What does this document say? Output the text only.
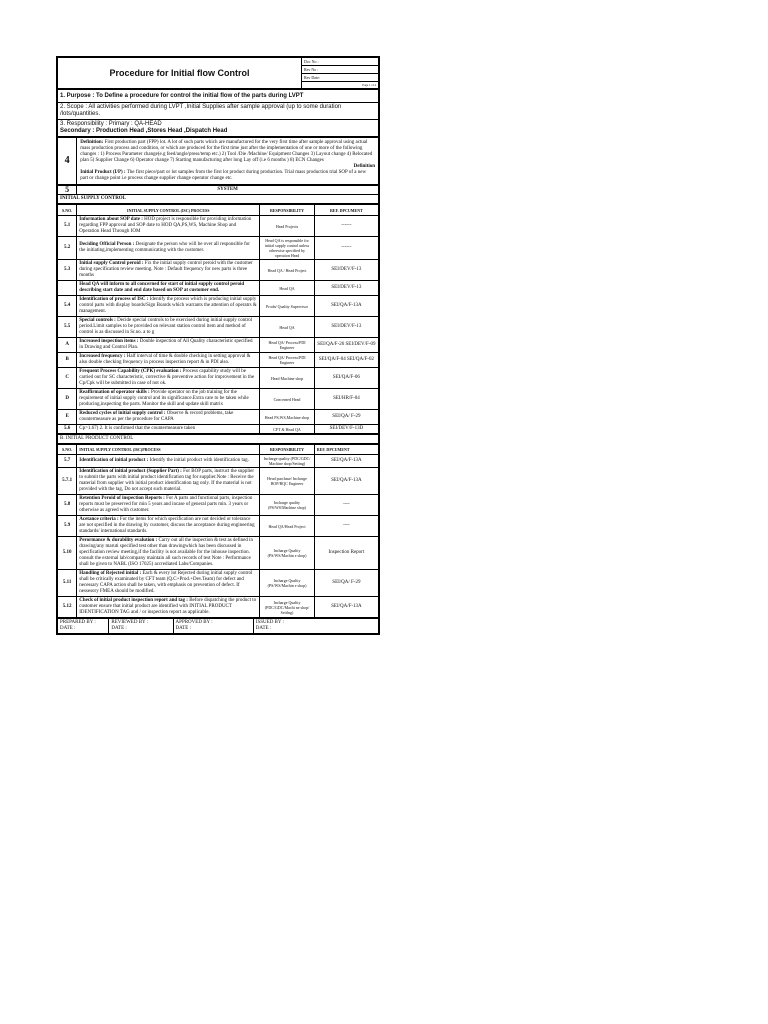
Procedure for Initial flow Control	Doc No :
Rev No :
Rev Date:
Page 1 of 4
1. Purpose : To Define a procedure for control the initial flow of the parts during LVPT
2. Scope : All activities performed during LVPT ,Initial Supplies after sample approval (up to some duration /lots/quantities.

3. Responsibility : Primary : QA-HEAD
Secondary : Production Head ,Stores Head ,Dispatch Head
4	
Definition: First production part (FPP) lot. A lot of such parts which are manufactured for the very first time after sample approval using actual mass production process and condition, or which are produced for the first time just after the implementation of one or more of the following changes : 1) Process Parameter change(e.g feed/angle/press/temp etc.) 2) Tool /Die /Machine/ Equipment Changes 3) Layout change 4) Relocated plan 5) Supplier Change 6) Operator change 7) Starting manufacturing after long Lay off (i.e 6 months ) 8) ECN Changes
Definition
Initial Product (I/P) : The first piece/part or lot samples from the first lot product during production. Trial mass production trial SOP of a new part or change point i.e process change supplier change operator change etc.
5	SYSTEM
INITIAL SUPPLY CONTROL
S.NO.	INITIAL SUPPLY CONTROL (ISC) PROCESS	RESPONSIBILITY	REF. DPCUMENT
5.1	Information about SOP date : HOD project is responsible for providing information regarding FPP approval and SOP date to HOD QA,PS,WS, Machine Shop and Operation Head Through IOM	Head Projects	------
5.2	Deciding Official Person : Designate the person who will be over all responsible for the initiating,implementing communicating with the customer.	Head QA is responsible for initial supply control unless otherwise specified by operation Head	------
5.3	Initial supply Control peroid : Fix the initial supply control peroid with the customer during specification review meeting. Note : Default frequency for new parts is three months	Head QA / Head Project	SEI/DEV/F-13
	Head QA will inform to all concerned for start of initial supply control peroid describing start date and end date based on SOP at customer end.	Head QA	SEI/DEV/F-13
5.4	Identification of process of ISC : Identify the process which is producing initial supply control parts with display boards/Sign Boards which warrants the attention of operatrs & management.	Prodn/ Quality Supervisor	SEI/QA/F-13A
5.5	Special controls : Decide special controls to be exercised during initial supply control period.Limit samples to be provided on relevant station control item and method of control is as discussed in Sr.no. a to g	Head QA	SEI/DEV/F-13
A	Increased inspection items : Double inspection of All Quality characteristic specified in Drawing and Control Plan.	Head QA/ Process/PDI Engineer	SEI/QA/F-26 SEI/DEV/F-09
B	Increased frequency : Half interval of time & double checking in setting approval & also double checking frequency in process inspection report & in PDI also.	Head QA/ Process/PDI Engineer	SEI/QA/F-04 SEI/QA/F-02
C	Frequent Process Capability (CPK) evaluation : Process capability study will be carried out for SC characteristic, corrective & preventive action for improvement in the Cp/Cpk will be submitted in case of not ok.	Head Machine shop	SEI/QA/F-06
D	Reaffirmation of operator skills : Provide operator on the job training for the requirement of initial supply control and its significance.Extra care to be taken while producing,inspecting the parts. Monitor the skill and update skill matrix	Concerned Head	SEI/HR/F-04
E	Reduced cycles of initial supply control : Observe & record problems, take countermeasure as per the procedure for CAPA	Head PS,WS,Machine shop	SEI/QA/ F-29
5.6	Cp>1.67) 2. It is confirmed that the countermeasure taken	CFT & Head QA	SEI/DEV/F-13D
B. INITIAL PRODUCT CONTROL
S.NO.	INITIAL SUPPLY CONTROL (ISC)PROCESS	RESPONSIBILITY	REF. DPCUMENT
5.7	Identification of initial product : Identify the initial product with identification tag.	Incharge quality (PDC/GDC/ Machine shop/Setting)	SEI/QA/F-13A
5.7.1	Identification of initial product (Supplier Part) : For BOP parts, instruct the supplier to submit the parts with initial product identification tag for supplier.Note : Receive the material from supplier with initial product identification tag only. If the material is not provided with the tag, Do not accept such material.	Head purchase/ Incharge BOP/BQC Engineer	SEI/QA/F-13A
5.8	Retention Peroid of inspection Reports : For A parts and functional parts, inspection reports must be preserved for min 5 years and incase of general parts min. 3 years or otherwise as agreed with customer.	Incharge quality (PS/WS/Machine shop)	----
5.9	Acetance criteria : For the items for which specification are not decided or tolerance are not specified in the drawing by customer, discuss the acceptance during engineering standards/ international standards.	Head QA/Head Project	----
5.10	Perormance & durability evalution : Carry out all the inspection & test as defined in drawing/any maruti specified test other than drawingwhich has been discussed in specification review meeting,if the facility is not available for the inhouse inspection. consult the external lab/company maintain all such records of test Note : Performance shall be given to NABL (ISO 17025) accrediated Labs/Companies.	Incharge Quality (PS/WS/Machin e shop)	Inspection Report
5.11	Handling of Rejected initial : Each & every lot Rejected during initial supply control shall be critically examinated by CFT team (Q.C+Prod.+Dev.Team) for defect and necessary CAPA action shall be taken, with emphasis on prevention of defect. If nessesory FMEA should be modified.	Incharge Quality (PS/WS/Machin e shop)	SEI/QA/ F-29
5.12	Check of initial product inspection report and tag : Before dispatching the product to customer ensure that initial product are identified with INITIAL PRODUCT IDENTIFICATION TAG and / or inspection report as applicable.	Incharge Quality (PDC/GDC/Machi ne shop/ Settlng)	SEI/QA/F-13A
PREPARED BY :
DATE :

REVIEWED BY :
DATE :

APPROVED BY :
DATE :

ISSUED BY :
DATE :
